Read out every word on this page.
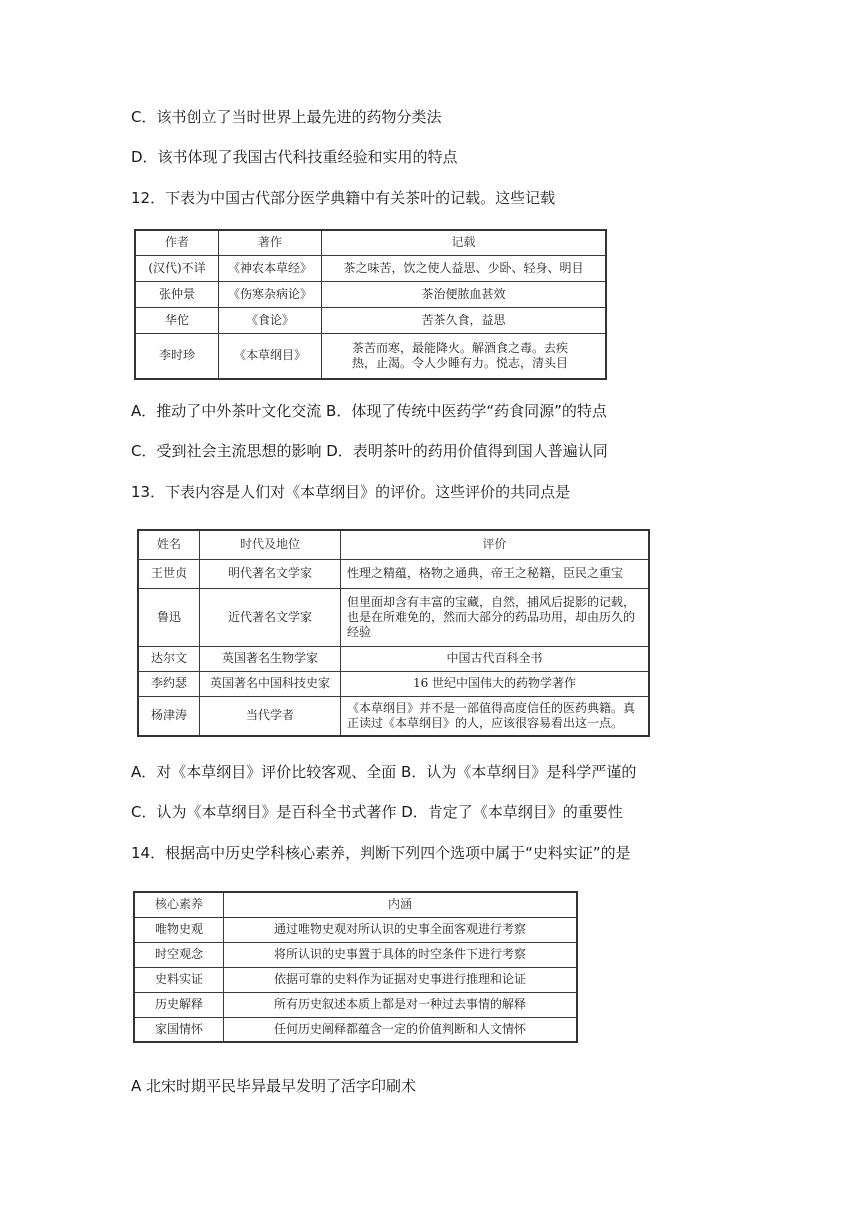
C．该书创立了当时世界上最先进的药物分类法
D．该书体现了我国古代科技重经验和实用的特点
12．下表为中国古代部分医学典籍中有关茶叶的记载。这些记载
作者	著作	记载
(汉代)不详	《神农本草经》	茶之味苦，饮之使人益思、少卧、轻身、明目
张仲景	《伤寒杂病论》	茶治便脓血甚效
华佗	《食论》	苦茶久食，益思
李时珍	《本草纲目》	茶苦而寒，最能降火。解酒食之毒。去疾热，止渴。令人少睡有力。悦志，清头目
A．推动了中外茶叶文化交流 B．体现了传统中医药学“药食同源”的特点
C．受到社会主流思想的影响 D．表明茶叶的药用价值得到国人普遍认同
13．下表内容是人们对《本草纲目》的评价。这些评价的共同点是
姓名	时代及地位	评价
王世贞	明代著名文学家	性理之精蕴，格物之通典，帝王之秘籍，臣民之重宝
鲁迅	近代著名文学家	但里面却含有丰富的宝藏，自然，捕风后捉影的记载，也是在所难免的，然而大部分的药品功用，却由历久的经验
达尔文	英国著名生物学家	中国古代百科全书
李约瑟	英国著名中国科技史家	16 世纪中国伟大的药物学著作
杨津涛	当代学者	《本草纲目》并不是一部值得高度信任的医药典籍。真正读过《本草纲目》的人，应该很容易看出这一点。
A．对《本草纲目》评价比较客观、全面 B．认为《本草纲目》是科学严谨的
C．认为《本草纲目》是百科全书式著作 D．肯定了《本草纲目》的重要性
14．根据高中历史学科核心素养，判断下列四个选项中属于“史料实证”的是
核心素养	内涵
唯物史观	通过唯物史观对所认识的史事全面客观进行考察
时空观念	将所认识的史事置于具体的时空条件下进行考察
史料实证	依据可靠的史料作为证据对史事进行推理和论证
历史解释	所有历史叙述本质上都是对一种过去事情的解释
家国情怀	任何历史阐释都蕴含一定的价值判断和人文情怀
A 北宋时期平民毕异最早发明了活字印刷术
